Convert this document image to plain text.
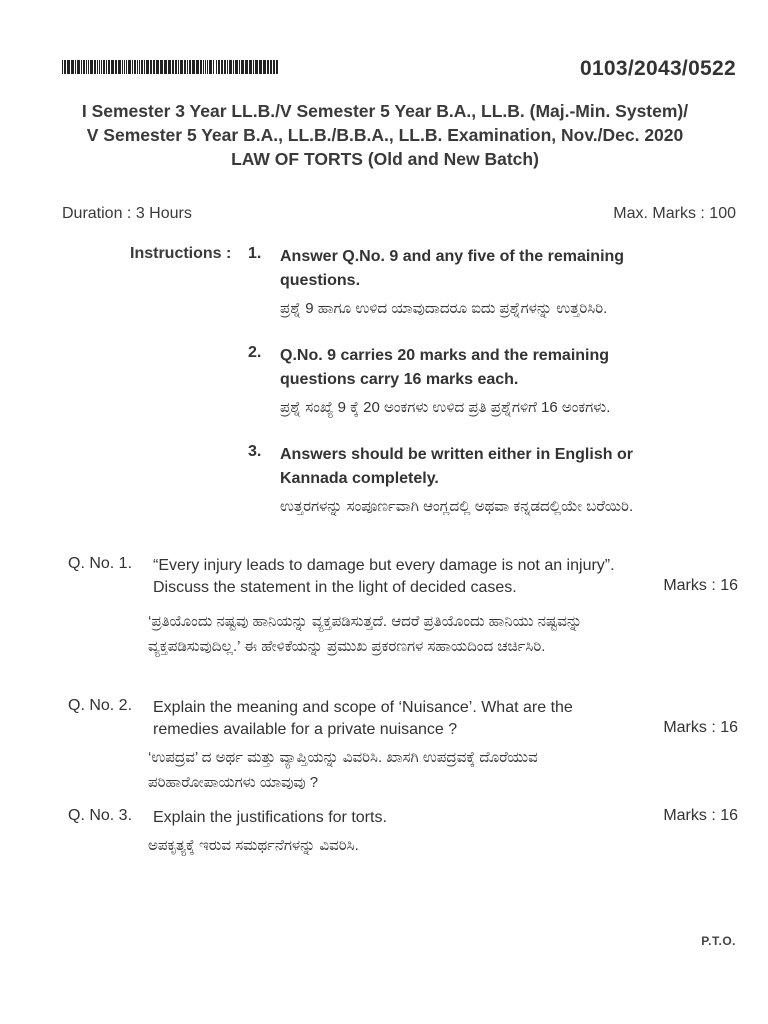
0103/2043/0522
I Semester 3 Year LL.B./V Semester 5 Year B.A., LL.B. (Maj.-Min. System)/
V Semester 5 Year B.A., LL.B./B.B.A., LL.B. Examination, Nov./Dec. 2020
LAW OF TORTS (Old and New Batch)
Duration : 3 Hours	Max. Marks : 100
Instructions : 1. Answer Q.No. 9 and any five of the remaining questions.
ಪ್ರಶ್ನೆ 9 ಹಾಗೂ ಉಳಿದ ಯಾವುದಾದರೂ ಐದು ಪ್ರಶ್ನೆಗಳನ್ನು ಉತ್ತರಿಸಿರಿ.
2. Q.No. 9 carries 20 marks and the remaining questions carry 16 marks each.
ಪ್ರಶ್ನೆ ಸಂಖ್ಯೆ 9 ಕ್ಕೆ 20 ಅಂಕಗಳು ಉಳಿದ ಪ್ರತಿ ಪ್ರಶ್ನೆಗಳಿಗೆ 16 ಅಂಕಗಳು.
3. Answers should be written either in English or Kannada completely.
ಉತ್ತರಗಳನ್ನು ಸಂಪೂರ್ಣವಾಗಿ ಆಂಗ್ಲದಲ್ಲಿ ಅಥವಾ ಕನ್ನಡದಲ್ಲಿಯೇ ಬರೆಯಿರಿ.
Q. No. 1. “Every injury leads to damage but every damage is not an injury”. Discuss the statement in the light of decided cases.	Marks : 16
‘ಪ್ರತಿಯೊಂದು ನಷ್ಟವು ಹಾನಿಯನ್ನು ವ್ಯಕ್ತಪಡಿಸುತ್ತದೆ. ಆದರೆ ಪ್ರತಿಯೊಂದು ಹಾನಿಯು ನಷ್ಟವನ್ನು ವ್ಯಕ್ತಪಡಿಸುವುದಿಲ್ಲ.’ ಈ ಹೇಳಿಕೆಯನ್ನು ಪ್ರಮುಖ ಪ್ರಕರಣಗಳ ಸಹಾಯದಿಂದ ಚರ್ಚಿಸಿರಿ.
Q. No. 2. Explain the meaning and scope of ‘Nuisance’. What are the remedies available for a private nuisance ?	Marks : 16
‘ಉಪದ್ರವ’ ದ ಅರ್ಥ ಮತ್ತು ವ್ಯಾಪ್ತಿಯನ್ನು ವಿವರಿಸಿ. ಖಾಸಗಿ ಉಪದ್ರವಕ್ಕೆ ದೊರೆಯುವ ಪರಿಹಾರೋಪಾಯಗಳು ಯಾವುವು ?
Q. No. 3. Explain the justifications for torts.	Marks : 16
ಅಪಕೃತ್ಯಕ್ಕೆ ಇರುವ ಸಮರ್ಥನೆಗಳನ್ನು ವಿವರಿಸಿ.
P.T.O.
